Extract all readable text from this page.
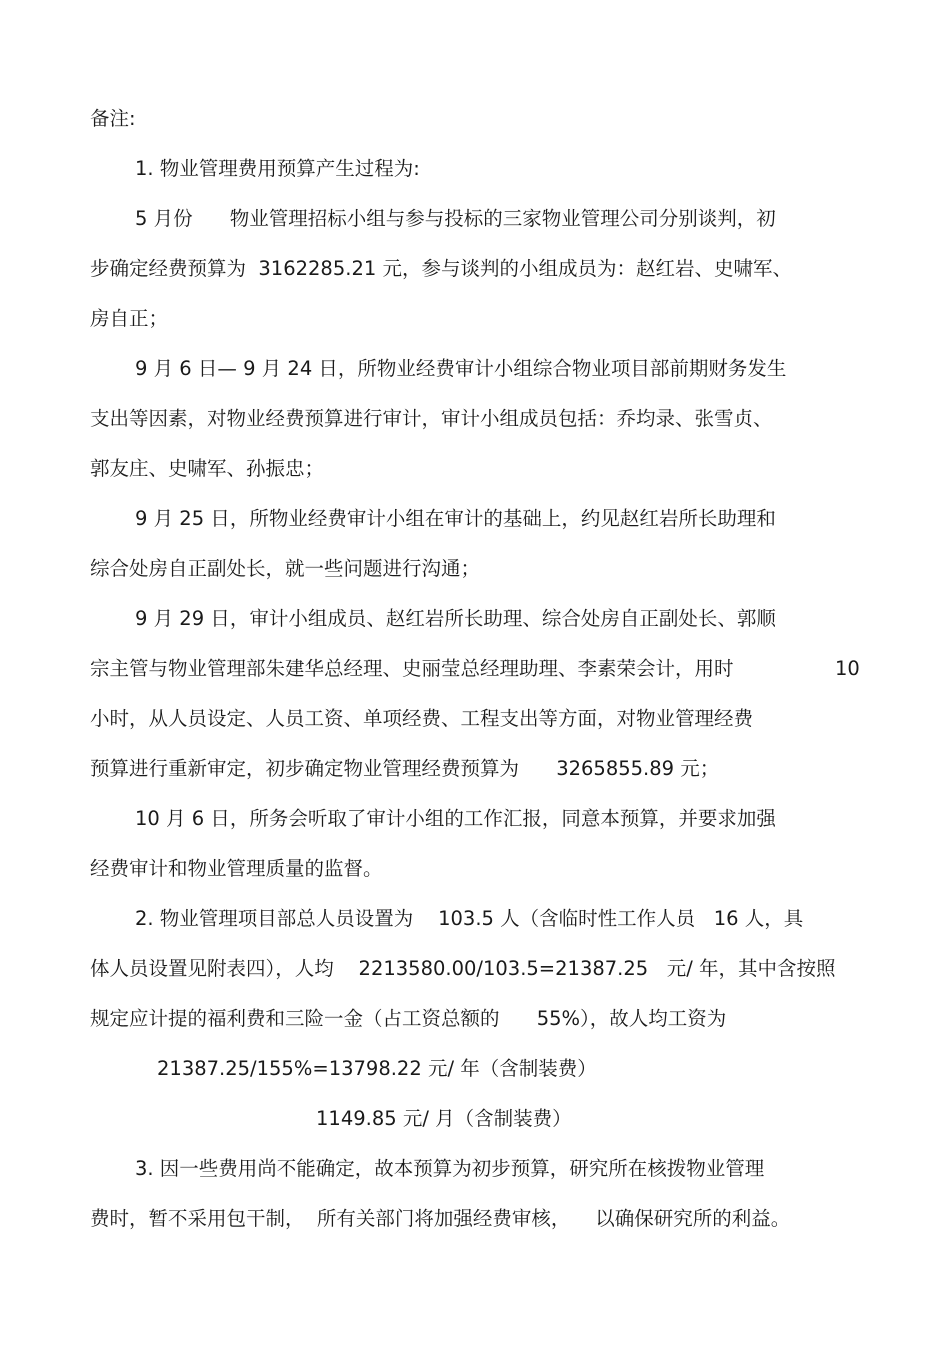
备注:
1. 物业管理费用预算产生过程为:
5 月份      物业管理招标小组与参与投标的三家物业管理公司分别谈判，初
步确定经费预算为  3162285.21 元，参与谈判的小组成员为：赵红岩、史啸军、
房自正；
9 月 6 日— 9 月 24 日，所物业经费审计小组综合物业项目部前期财务发生
支出等因素，对物业经费预算进行审计，审计小组成员包括：乔均录、张雪贞、
郭友庄、史啸军、孙振忠；
9 月 25 日，所物业经费审计小组在审计的基础上，约见赵红岩所长助理和
综合处房自正副处长，就一些问题进行沟通；
9 月 29 日，审计小组成员、赵红岩所长助理、综合处房自正副处长、郭顺
宗主管与物业管理部朱建华总经理、史丽莹总经理助理、李素荣会计，用时	10
小时，从人员设定、人员工资、单项经费、工程支出等方面，对物业管理经费
预算进行重新审定，初步确定物业管理经费预算为      3265855.89 元；
10 月 6 日，所务会听取了审计小组的工作汇报，同意本预算，并要求加强
经费审计和物业管理质量的监督。
2. 物业管理项目部总人员设置为    103.5 人（含临时性工作人员   16 人，具
体人员设置见附表四），人均    2213580.00/103.5=21387.25   元/ 年，其中含按照
规定应计提的福利费和三险一金（占工资总额的      55%），故人均工资为
21387.25/155%=13798.22 元/ 年（含制装费）
1149.85 元/ 月（含制装费）
3. 因一些费用尚不能确定，故本预算为初步预算，研究所在核拨物业管理
费时，暂不采用包干制，  所有关部门将加强经费审核，    以确保研究所的利益。
